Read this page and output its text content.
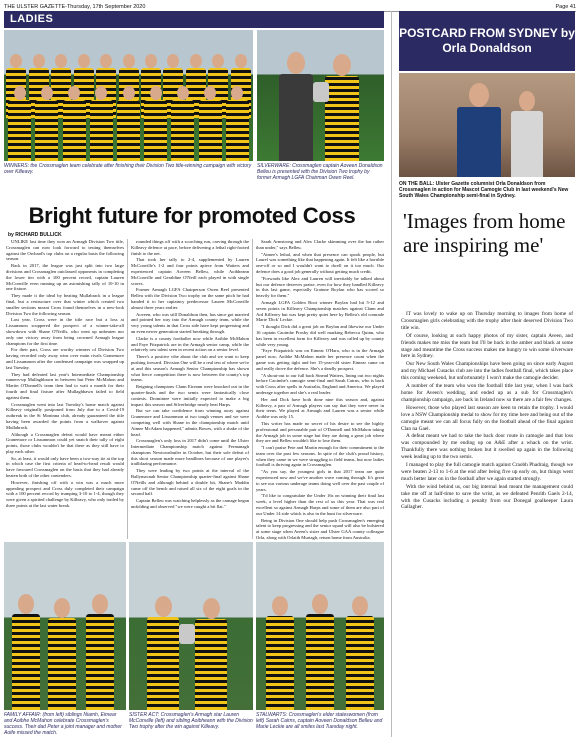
THE ULSTER GAZETTE-Thursday, 17th September 2020	Page 41
LADIES
WINNERS: the Crossmaglen team celebrate after finishing their Division Two title-winning campaign with victory over Killeavy.
SILVERWARE: Crossmaglen captain Aoveen Donaldson Belleu is presented with the Division Two trophy by former Armagh LGFA Chairman Owen Reel.
Bright future for promoted Coss
by RICHARD BULLICK

UNLIKE last time they won an Armagh Division Two title, Crossmaglen can now look forward to testing themselves against the Orchard's top clubs on a regular basis the following season.

Back in 2017, the league was just split into two large divisions and Crossmaglen outclassed opponents in completing the lower tier with a 100 percent record, captain Lauren McConville even running up an astonishing tally of 10-10 in one fixture.

They made it the ideal by beating Mullabrack in a league final, but a restructure over that winter which created two smaller sections meant Cross found themselves in a new-look Division Two the following season.

Last year, Cross were in the title race but a loss at Lissummon scuppered the prospect of a winner-take-all showdown with Shane O'Neills, who went up unbeaten nor only one victory away from being crowned Armagh league champions for the first time.

For their part, Cross are worthy winners of Division Two having recorded only away wins over main rivals Granemore and Lissummon after the condensed campaign was wrapped up last Tuesday.

They had defeated last year's Intermediate Championship runners-up Mullaghbawn in between but Peter McMahon and Martin O'Donnell's team then had to wait a month for their fourth and final fixture after Mullaghbawn failed to field against them.

Crossmaglen went into last Tuesday's home match against Killeavy originally postponed from July due to a Covid-19 outbreak in the St Moninna club, already guaranteed the title having been awarded the points from a walkover against Mullabrack.

Although a Crossmaglen defeat would have meant either Granemore or Lissummon could yet snatch their tally of eight points, those clubs wouldn't be that there as they still have to play each other.

So, at least, it would only have been a two-way tie at the top in which case the first criteria of head-to-head result would have favoured Crossmaglen on the basis that they had already beaten both of the other contenders.

However, finishing off with a win was a much more appealing prospect and Cross duly completed their campaign with a 100 percent record by trumping 3-10 to 1-4, though they were given a spirited challenge by Killeavy, who only trailed by three points at the last water break.

rounded things off with a scorching run, carving through the Killeavy defence at pace, before delivering a lethal right-footed finish to the net.

That took her tally to 2-4, supplemented by Lauren McConville's 1-2 and four points apiece from Watters and experienced captain Aoveen Belleu, while Aoibheann McConville and Geraldine O'Neill each played in with single scores.

Former Armagh LGFA Chairperson Owen Reel presented Belleu with the Division Two trophy on the same pitch he had handed it to her captaincy predecessor Lauren McConville almost three years earlier.

Aoveen, who was still Donaldson then, has since got married and pointed her way into the Armagh county team, while the very young talents in that Cross side have kept progressing and an even newer generation started breaking through.

Clarke is a county footballer now while Aoibhe McMahon and Faye Fitzpatrick are in the Armagh senior camp, while the relatively raw talent seen in recent action on a senior level.

There's a positive vibe about the club and we want to keep pushing forward. Division One will be a real test of where we're at and this season's Armagh Senior Championship has shown what fierce competition there is now between the county's top teams.

Reigning champions Clann Eireann were knocked out in the quarter-finals and the two semis were fantastically close contests. Dromintee were initially expected to make a big impact this season and Silverbridge nearly beat Harps.

But we can take confidence from winning away against Granemore and Lissummon at two tough venues and we were competing well with Shane in the championship match until Aimee McAdam happened," admits Bowes, with a shake of the head.

Crossmaglen's only loss in 2017 didn't come until the Ulster Intermediate Championship match against Fermanagh champions Newtownbutler in October, but their sole defeat of this short season made more headlines because of one player's trailblazing performance.

They were leading by two points at the interval of the Ballymacnab Senior Championship quarter-final against Shane O'Neills and although behind a double hit, Shane's Maddin came off the bench and raised all six of the eight goals in the second half.

Captain Belleu was watching helplessly as the carnage began unfolding and observed "we were caught a bit flat."

Sarah Armstrong and Alex Clarke skimming over the bar rather than under," says Belleu.

"Aimee's lethal, and when that presence can spook people, but Laurel was something like that happening again. It felt like a horrible one-off or so and I wouldn't want to dwell on it too much. Our defence does a good job generally without getting much credit.

"Forwards like Alex and Lauren will inevitably be talked about but our defence deserves praise, even for how they handled Killeavy in this last game, especially Grainne Boylan who has scored so heavily for them."

Armagh LGFA Golden Boot winner Boylan had hit 5-12 and seven points in Killeavy Championship matches against Clann and Ard Killeavy but was kept pretty quiet here by Belleu's old comrade Marie 'Dick' Leckie.

"I thought Dick did a great job on Boylan and likewise our Under 16 captain Caoimhe Prosby did well marking Rebecca Quinn, who has been in excellent form for Killeavy and was called up by county while very young.

"Faye Fitzpatrick was on Eimear O'Hara, who is in the Armagh panel now, Aoibhe McMahon made her presence count when the game was getting tight and her 15-year-old sister Eimear came on and really drove the defence. She's a deadly prospect.

"A shout-out to our full back Sinead Watters, lining out two nights before Caoimhe's camogie semi-final and Sarah Cairns, who is back with Cross after spells in Australia, England and America. We played underage together and she's a real leader.

Her and Dick have both done nine this season and, against Killeavy, a pair of Armagh players can say that they were never in their teens. We played at Armagh and Lauren was a senior while Aoibhe was only 15.

This writer has made no secret of his desire to see the highly professional and personable pair of O'Donnell and McMahon taking the Armagh job in some stage but they are doing a great job where they are and Belleu wouldn't like to lose them.

"I can't praise Pete and Martin enough for their commitment to the team over the past few seasons. In spite of the club's proud history, when they came in we were struggling to field teams, but now ladies football is thriving again in Crossmaglen.

"As you say, the youngest girls in that 2017 team are quite experienced now and we've another wave coming through. It's great to see our various underage teams doing well over the past couple of years.

"I'd like to congratulate the Under 16s on winning their final last week, a level higher than the rest of us this year. That was real excellent so against Armagh Harps and some of them are also part of our Under 14 side which is also in the hunt for silverware.

Being in Division One should help push Crossmaglen's emerging talent to keep progressing and the senior squad will also be bolstered at some stage when Aveen's sister and Ulster GAA county colleague Orla, along with Orlaith Murtagh, return home from Australia.

FAMILY AFFAIR: (from left) siblings Niamh, Eimear and Aoibhe McMahon celebrate Crossmaglen's success. Their dad Peter a joint manager and mother Aoife missed the match.
SISTER ACT: Crossmaglen's Armagh star Lauren McConville (left) and sibling Aoibheann with the Division Two trophy after the win against Killeavy.
STALWARTS: Crossmaglen's elder stateswomen (from left) Sarah Cairns, captain Aoveen Donaldson Belleu and Marie Leckie are all smiles last Tuesday night.
POSTCARD FROM SYDNEY by Orla Donaldson
ON THE BALL: Ulster Gazette columnist Orla Donaldson from Crossmaglen in action for Mascot Camogie Club in last weekend's New South Wales Championship semi-final in Sydney.
'Images from home are inspiring me'

IT was lovely to wake up on Thursday morning to images from home of Crossmaglen girls celebrating with the trophy after their deserved Division Two title win.

Of course, looking at such happy photos of my sister, captain Aveen, and friends makes me miss the team but I'll be back in the amber and black at some stage and meantime the Cross success makes me hungry to win some silverware here in Sydney.

Our New South Wales Championships have been going on since early August and my Michael Cusacks club are into the ladies football final, which takes place this coming weekend, but unfortunately I won't make the camogie decider.

A number of the team who won the football title last year, when I was back home for Aveen's wedding, and ended up as a sub for Crossmaglen's championship campaign, are back in Ireland now so there are a fair few changes.

However, those who played last season are keen to retain the trophy. I would love a NSW Championship medal to show for my time here and being out of the camogie meant we can all focus fully on the football ahead of the final against Clan na Gael.

A defeat meant we had to take the back door route in camogie and that loss was compounded by me ending up on A&E after a whack on the wrist. Thankfully there was nothing broken but it swelled up again in the following week leading up to the two semis.

I managed to play the full camogie match against Craobh Phadraig, though we were beaten 2-13 to 1-6 at the end after being five up early on, but things went much better later on in the football after we again started strongly.

With the wind behind us, our big internal lead meant the management could take me off at half-time to save the wrist, as we defeated Penrith Gaels 2-14, with the Cusacks including a penalty from our Donegal goalkeeper Laura Gallagher.
